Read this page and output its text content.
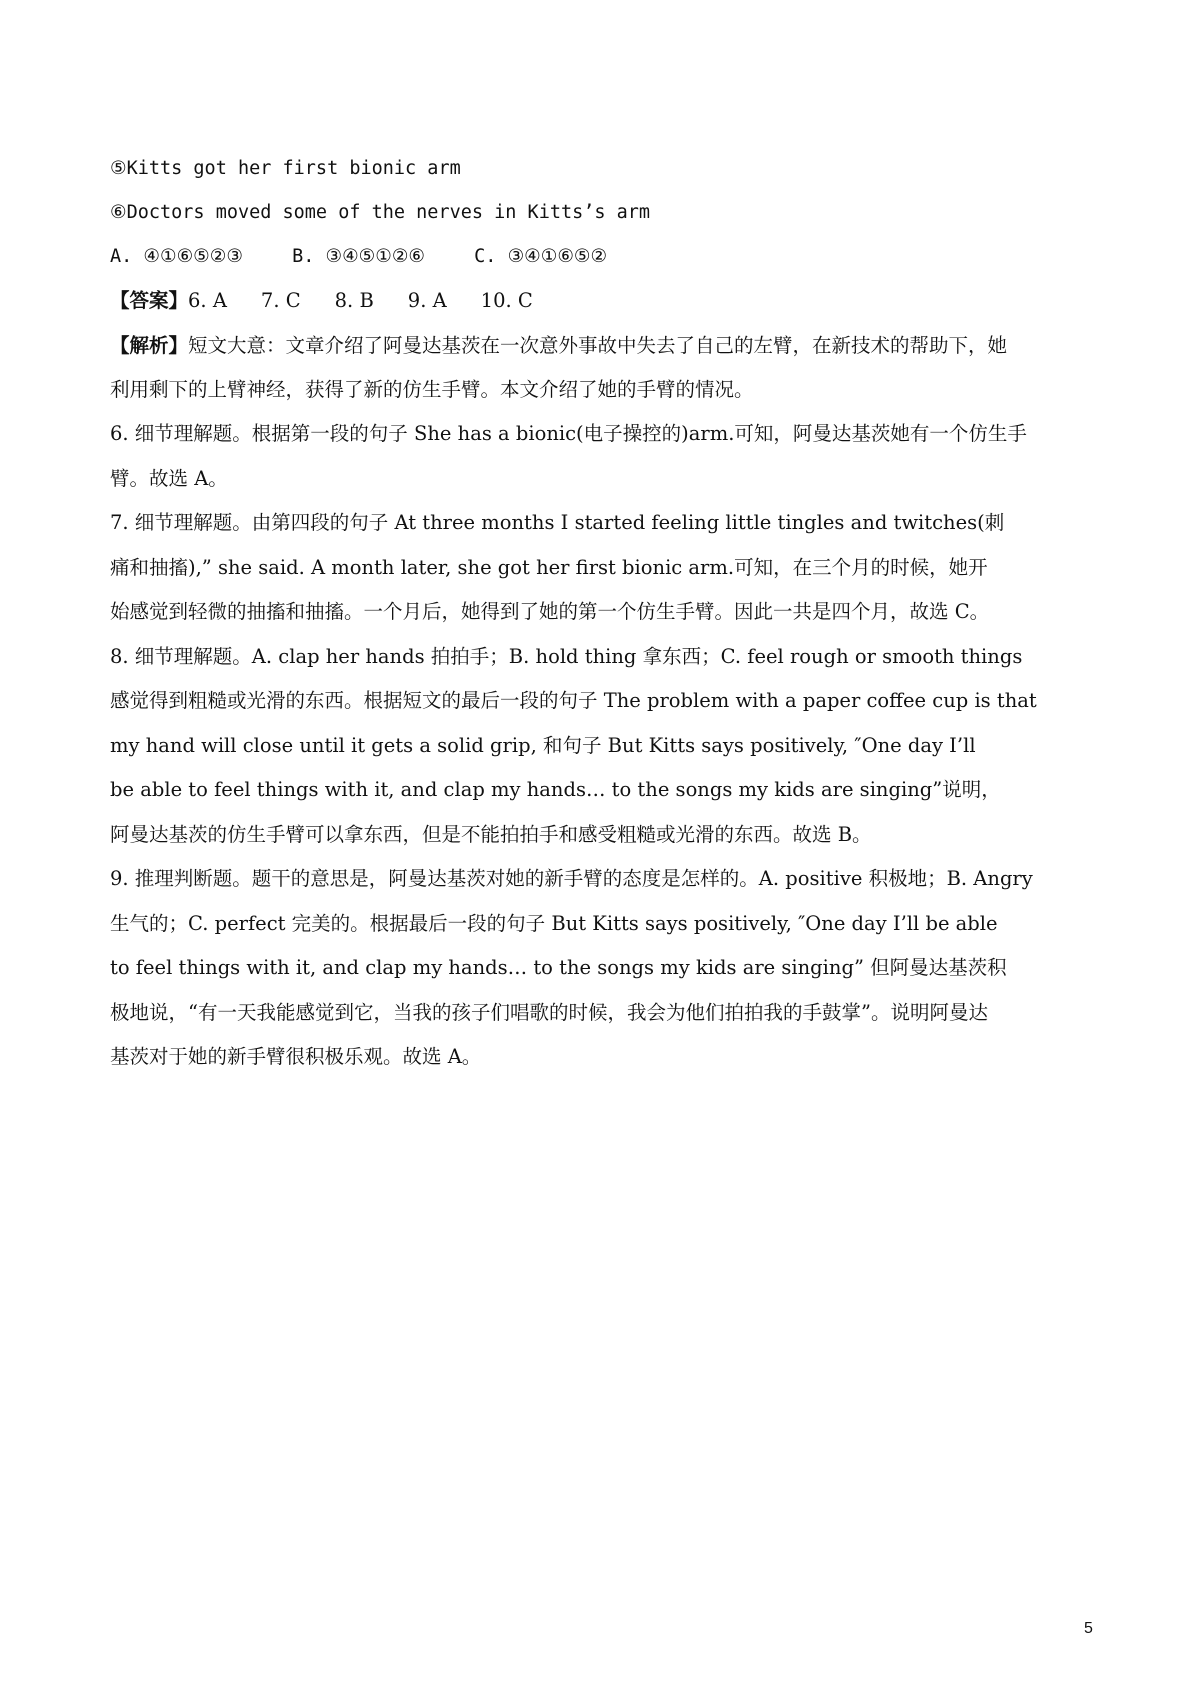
⑤Kitts got her first bionic arm
⑥Doctors moved some of the nerves in Kitts’s arm
A. ④①⑥⑤②③	B. ③④⑤①②⑥	C. ③④①⑥⑤②
【答案】6. A 7. C 8. B 9. A 10. C
【解析】短文大意：文章介绍了阿曼达基茨在一次意外事故中失去了自己的左臂，在新技术的帮助下，她
利用剩下的上臂神经，获得了新的仿生手臂。本文介绍了她的手臂的情况。
6. 细节理解题。根据第一段的句子 She has a bionic(电子操控的)arm.可知，阿曼达基茨她有一个仿生手
臂。故选 A。
7. 细节理解题。由第四段的句子 At three months I started feeling little tingles and twitches(刺
痛和抽搐),” she said. A month later, she got her first bionic arm.可知，在三个月的时候，她开
始感觉到轻微的抽搐和抽搐。一个月后，她得到了她的第一个仿生手臂。因此一共是四个月，故选 C。
8. 细节理解题。A. clap her hands 拍拍手；B. hold thing 拿东西；C. feel rough or smooth things
感觉得到粗糙或光滑的东西。根据短文的最后一段的句子 The problem with a paper coffee cup is that
my hand will close until it gets a solid grip, 和句子 But Kitts says positively, ″One day I’ll
be able to feel things with it, and clap my hands… to the songs my kids are singing”说明，
阿曼达基茨的仿生手臂可以拿东西，但是不能拍拍手和感受粗糙或光滑的东西。故选 B。
9. 推理判断题。题干的意思是，阿曼达基茨对她的新手臂的态度是怎样的。A. positive 积极地；B. Angry
生气的；C. perfect 完美的。根据最后一段的句子 But Kitts says positively, ″One day I’ll be able
to feel things with it, and clap my hands… to the songs my kids are singing” 但阿曼达基茨积
极地说，“有一天我能感觉到它，当我的孩子们唱歌的时候，我会为他们拍拍我的手鼓掌”。说明阿曼达
基茨对于她的新手臂很积极乐观。故选 A。
5
